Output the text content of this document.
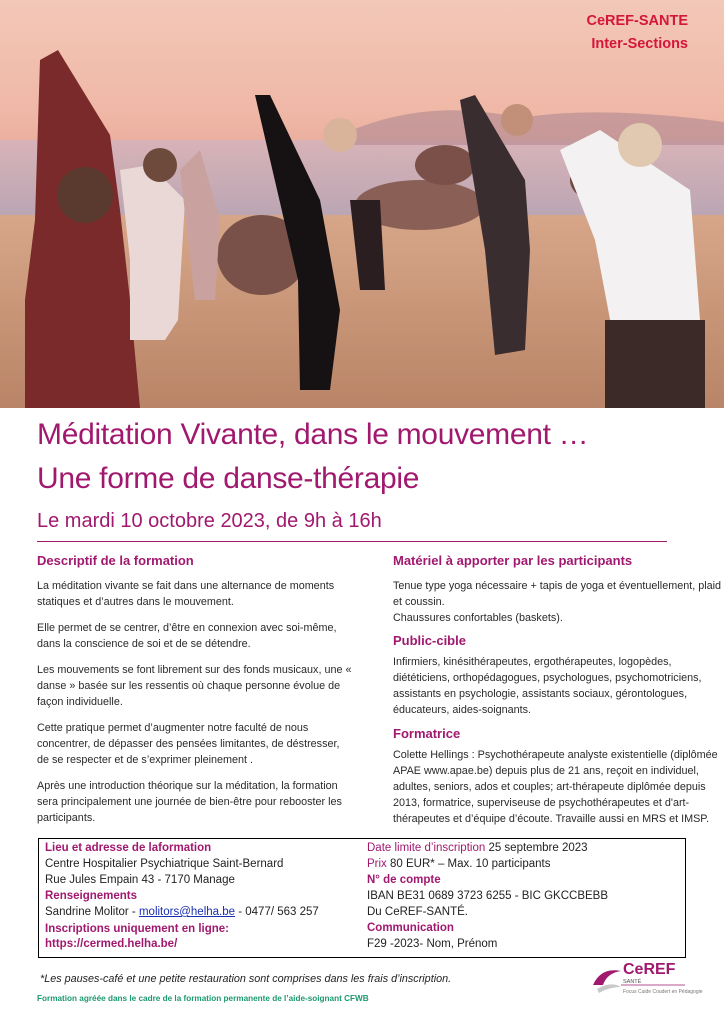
CeREF-SANTE
Inter-Sections
Méditation Vivante, dans le mouvement …
Une forme de danse-thérapie
Le mardi 10 octobre 2023, de 9h à 16h
Descriptif de la formation

La méditation vivante se fait dans une alternance de moments statiques et d’autres dans le mouvement.

Elle permet de se centrer, d’être en connexion avec soi-même, dans la conscience de soi et de se détendre.

Les mouvements se font librement sur des fonds musicaux, une « danse » basée sur les ressentis où chaque personne évolue de façon individuelle.

Cette pratique permet d’augmenter notre faculté de nous concentrer, de dépasser des pensées limitantes, de déstresser, de se respecter et de s’exprimer pleinement .

Après une introduction théorique sur la méditation, la formation sera principalement une journée de bien-être pour rebooster les participants.

Matériel à apporter par les participants
Tenue type yoga nécessaire + tapis de yoga et éventuellement, plaid et coussin.
Chaussures confortables (baskets).
Public-cible
Infirmiers, kinésithérapeutes, ergothérapeutes, logopèdes, diététiciens, orthopédagogues, psychologues, psychomotriciens, assistants en psychologie, assistants sociaux, gérontologues, éducateurs, aides-soignants.
Formatrice
Colette Hellings : Psychothérapeute analyste existentielle (diplômée APAE www.apae.be) depuis plus de 21 ans, reçoit en individuel, adultes, seniors, ados et couples; art-thérapeute diplômée depuis 2013, formatrice, superviseuse de psychothérapeutes et d'art-thérapeutes et d’équipe d’écoute. Travaille aussi en MRS et IMSP.
Lieu et adresse de laformation
Centre Hospitalier Psychiatrique Saint-Bernard
Rue Jules Empain 43 - 7170 Manage
Renseignements
Sandrine Molitor - molitors@helha.be - 0477/ 563 257
Inscriptions uniquement en ligne:
https://cermed.helha.be/
Date limite d’inscription 25 septembre 2023
Prix 80 EUR* – Max. 10 participants
N° de compte
IBAN BE31 0689 3723 6255 - BIC GKCCBEBB
Du CeREF-SANTÉ.
Communication
F29 -2023- Nom, Prénom
*Les pauses-café et une petite restauration sont comprises dans les frais d’inscription.
Formation agréée dans le cadre de la formation permanente de l’aide-soignant CFWB
CeREF
SANTÉ
Focus Cuide Coudert en Pédagogie
